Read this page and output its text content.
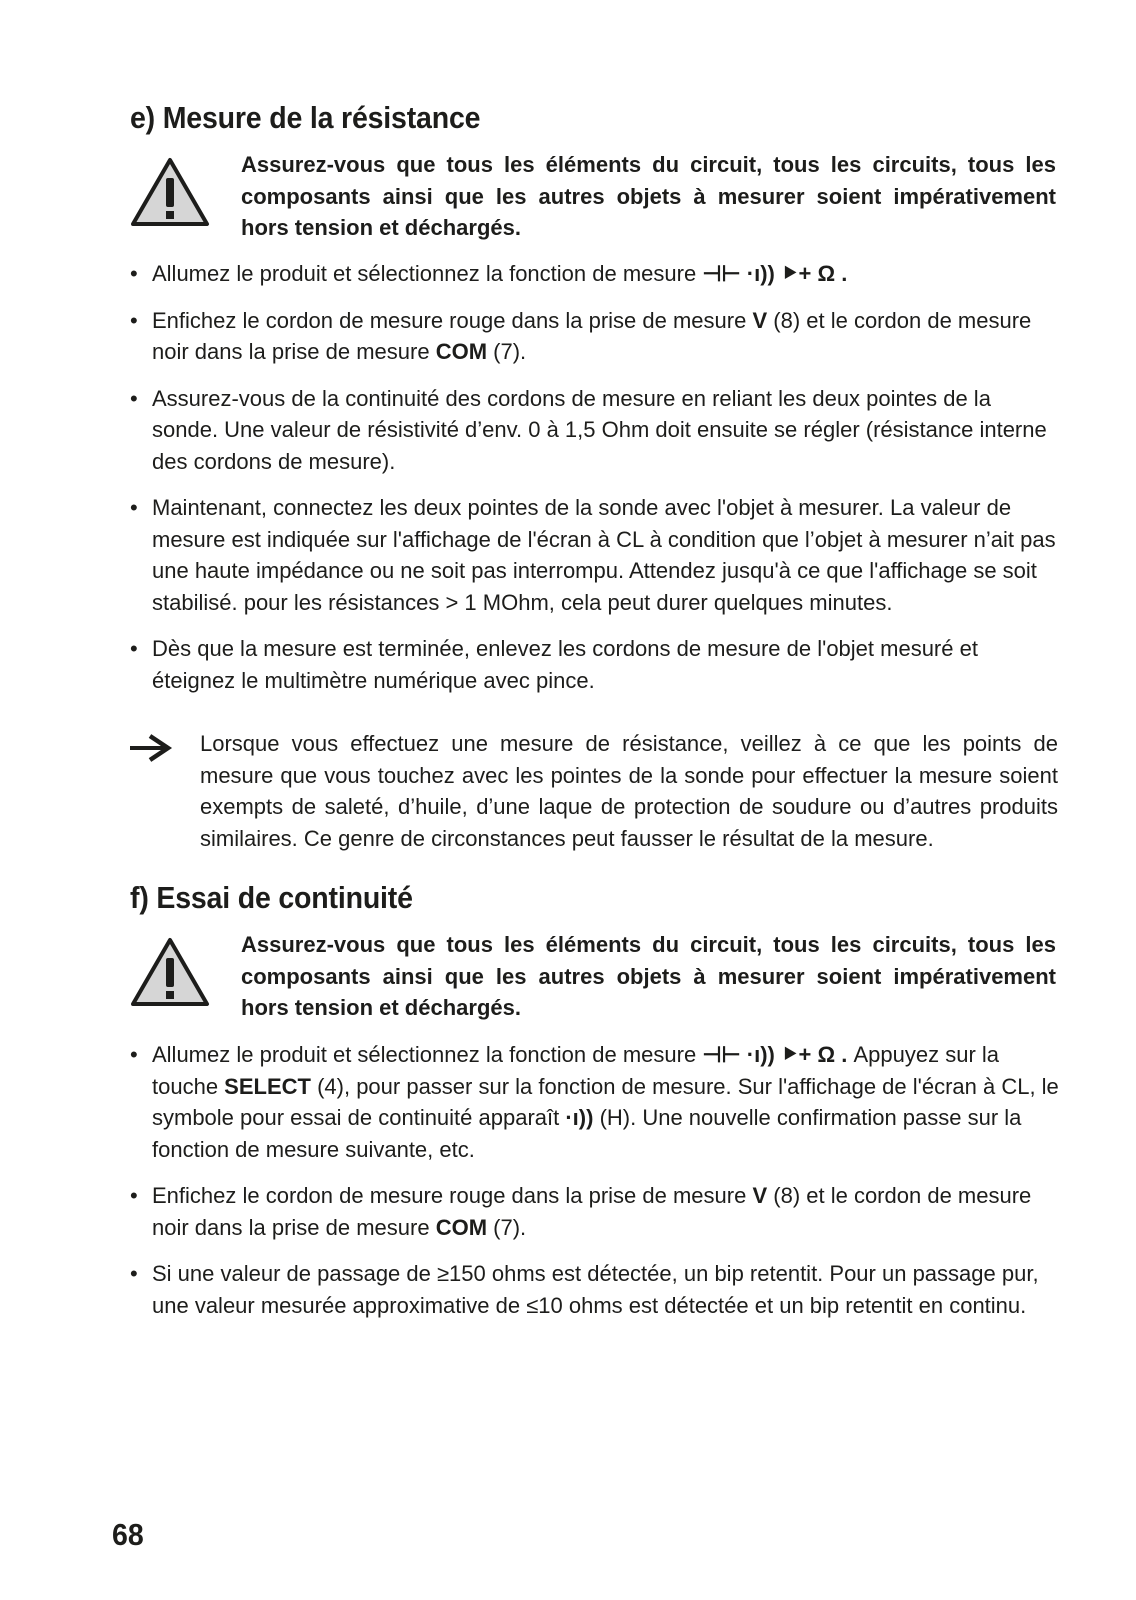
e) Mesure de la résistance

Assurez-vous que tous les éléments du circuit, tous les circuits, tous les composants ainsi que les autres objets à mesurer soient impérativement hors tension et déchargés.

• Allumez le produit et sélectionnez la fonction de mesure ⊣⊢ ·ı)) ⯈+ Ω .
• Enfichez le cordon de mesure rouge dans la prise de mesure V (8) et le cordon de mesure noir dans la prise de mesure COM (7).
• Assurez-vous de la continuité des cordons de mesure en reliant les deux pointes de la sonde. Une valeur de résistivité d’env. 0 à 1,5 Ohm doit ensuite se régler (résistance interne des cordons de mesure).
• Maintenant, connectez les deux pointes de la sonde avec l'objet à mesurer. La valeur de mesure est indiquée sur l'affichage de l'écran à CL à condition que l’objet à mesurer n’ait pas une haute impédance ou ne soit pas interrompu. Attendez jusqu'à ce que l'affichage se soit stabilisé. pour les résistances > 1 MOhm, cela peut durer quelques minutes.
• Dès que la mesure est terminée, enlevez les cordons de mesure de l'objet mesuré et éteignez le multimètre numérique avec pince.

Lorsque vous effectuez une mesure de résistance, veillez à ce que les points de mesure que vous touchez avec les pointes de la sonde pour effectuer la mesure soient exempts de saleté, d’huile, d’une laque de protection de soudure ou d’autres produits similaires. Ce genre de circonstances peut fausser le résultat de la mesure.

f) Essai de continuité

Assurez-vous que tous les éléments du circuit, tous les circuits, tous les composants ainsi que les autres objets à mesurer soient impérativement hors tension et déchargés.

• Allumez le produit et sélectionnez la fonction de mesure ⊣⊢ ·ı)) ⯈+ Ω . Appuyez sur la touche SELECT (4), pour passer sur la fonction de mesure. Sur l'affichage de l'écran à CL, le symbole pour essai de continuité apparaît ·ı)) (H). Une nouvelle confirmation passe sur la fonction de mesure suivante, etc.
• Enfichez le cordon de mesure rouge dans la prise de mesure V (8) et le cordon de mesure noir dans la prise de mesure COM (7).
• Si une valeur de passage de ≥150 ohms est détectée, un bip retentit. Pour un passage pur, une valeur mesurée approximative de ≤10 ohms est détectée et un bip retentit en continu.
68
